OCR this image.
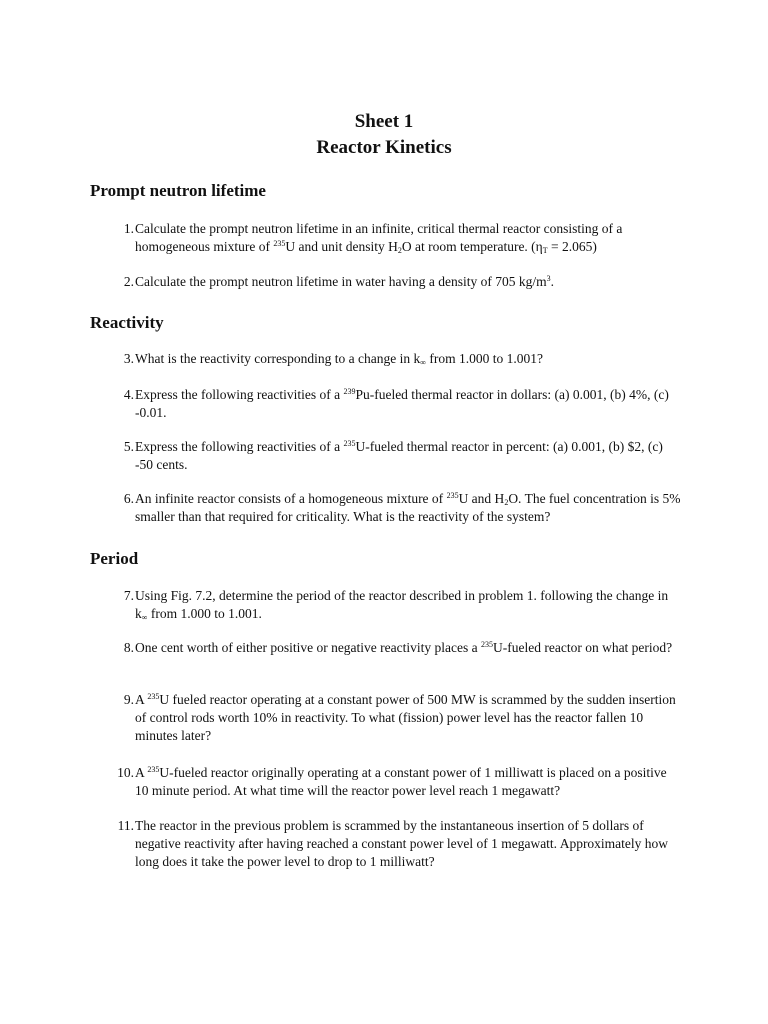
Sheet 1
Reactor Kinetics
Prompt neutron lifetime
1. Calculate the prompt neutron lifetime in an infinite, critical thermal reactor consisting of a homogeneous mixture of $^{235}$U and unit density $H_2O$ at room temperature. $(\eta_T = 2.065)$
2. Calculate the prompt neutron lifetime in water having a density of 705 $kg/m^3$.
Reactivity
3. What is the reactivity corresponding to a change in $k_\infty$ from 1.000 to 1.001?
4. Express the following reactivities of a $^{239}$Pu-fueled thermal reactor in dollars: (a) 0.001, (b) 4%, (c) -0.01.
5. Express the following reactivities of a $^{235}$U-fueled thermal reactor in percent: (a) 0.001, (b) $2, (c) -50 cents.
6. An infinite reactor consists of a homogeneous mixture of $^{235}$U and $H_2O$. The fuel concentration is 5% smaller than that required for criticality. What is the reactivity of the system?
Period
7. Using Fig. 7.2, determine the period of the reactor described in problem 1. following the change in $k_\infty$ from 1.000 to 1.001.
8. One cent worth of either positive or negative reactivity places a $^{235}$U-fueled reactor on what period?
9. A $^{235}$U fueled reactor operating at a constant power of 500 MW is scrammed by the sudden insertion of control rods worth 10% in reactivity. To what (fission) power level has the reactor fallen 10 minutes later?
10. A $^{235}$U-fueled reactor originally operating at a constant power of 1 milliwatt is placed on a positive 10 minute period. At what time will the reactor power level reach 1 megawatt?
11. The reactor in the previous problem is scrammed by the instantaneous insertion of 5 dollars of negative reactivity after having reached a constant power level of 1 megawatt. Approximately how long does it take the power level to drop to 1 milliwatt?
